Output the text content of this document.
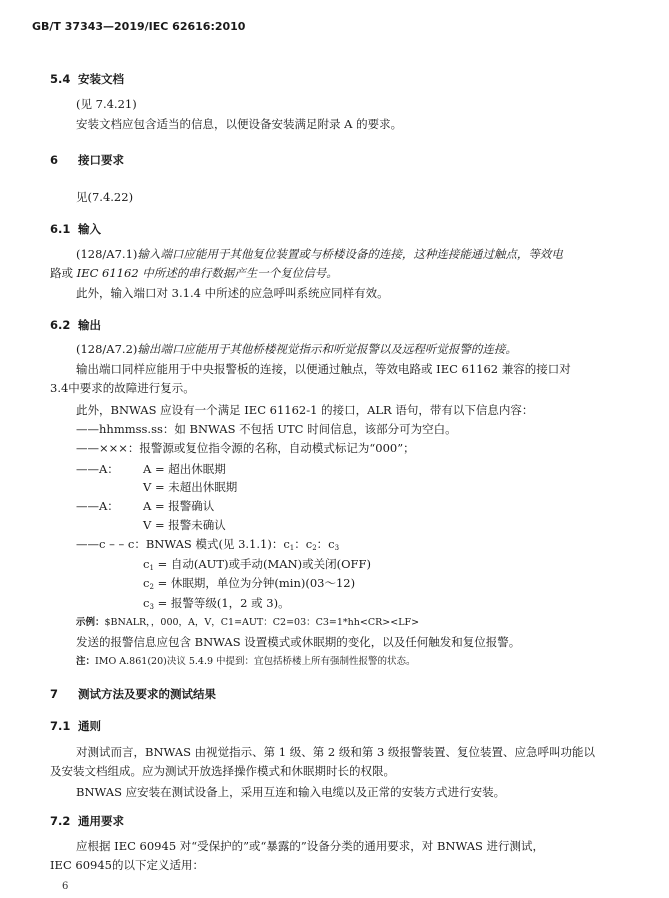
GB/T 37343—2019/IEC 62616:2010
5.4 安装文档
(见 7.4.21)
安装文档应包含适当的信息，以便设备安装满足附录 A 的要求。
6 接口要求
见(7.4.22)
6.1 输入
(128/A7.1)输入端口应能用于其他复位装置或与桥楼设备的连接，这种连接能通过触点，等效电
路或 IEC 61162 中所述的串行数据产生一个复位信号。
此外，输入端口对 3.1.4 中所述的应急呼叫系统应同样有效。
6.2 输出
(128/A7.2)输出端口应能用于其他桥楼视觉指示和听觉报警以及远程听觉报警的连接。
输出端口同样应能用于中央报警板的连接，以便通过触点，等效电路或 IEC 61162 兼容的接口对
3.4中要求的故障进行复示。
此外，BNWAS 应设有一个满足 IEC 61162-1 的接口，ALR 语句，带有以下信息内容：
——hhmmss.ss：如 BNWAS 不包括 UTC 时间信息，该部分可为空白。
——×××：报警源或复位指令源的名称，自动模式标记为“000”；
——A： A = 超出休眠期
V = 未超出休眠期
——A： A = 报警确认
V = 报警未确认
——c – – c：BNWAS 模式(见 3.1.1)：$c_1$：$c_2$：$c_3$
$c_1$ = 自动(AUT)或手动(MAN)或关闭(OFF)
$c_2$ = 休眠期，单位为分钟(min)(03～12)
$c_3$ = 报警等级(1，2 或 3)。
示例：$BNALR，，000，A，V，C1=AUT：C2=03：C3=1*hh<CR><LF>
发送的报警信息应包含 BNWAS 设置模式或休眠期的变化，以及任何触发和复位报警。
注：IMO A.861(20)决议 5.4.9 中提到：宜包括桥楼上所有强制性报警的状态。
7 测试方法及要求的测试结果
7.1 通则
对测试而言，BNWAS 由视觉指示、第 1 级、第 2 级和第 3 级报警装置、复位装置、应急呼叫功能以
及安装文档组成。应为测试开放选择操作模式和休眠期时长的权限。
BNWAS 应安装在测试设备上，采用互连和输入电缆以及正常的安装方式进行安装。
7.2 通用要求
应根据 IEC 60945 对“受保护的”或“暴露的”设备分类的通用要求，对 BNWAS 进行测试，
IEC 60945的以下定义适用：
6
